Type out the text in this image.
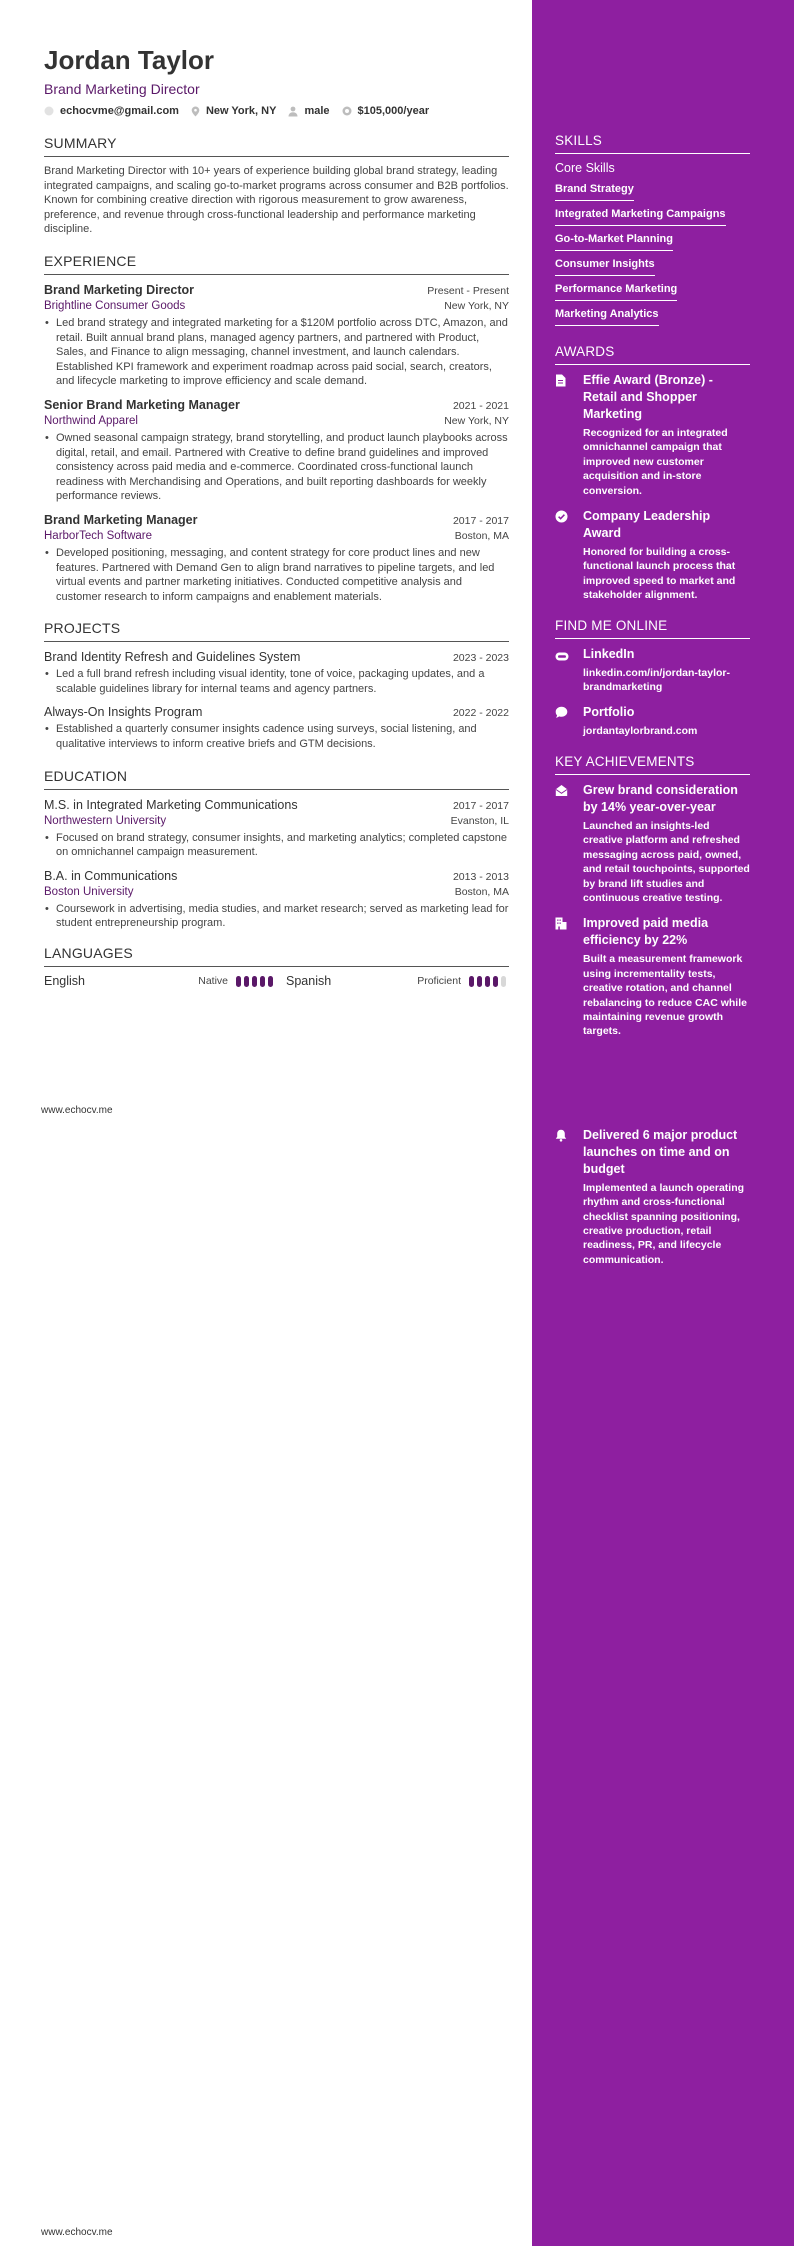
Jordan Taylor
Brand Marketing Director
echocvme@gmail.com New York, NY	male	$105,000/year
SUMMARY
Brand Marketing Director with 10+ years of experience building global brand strategy, leading integrated campaigns, and scaling go-to-market programs across consumer and B2B portfolios. Known for combining creative direction with rigorous measurement to grow awareness, preference, and revenue through cross-functional leadership and performance marketing discipline.
EXPERIENCE
Brand Marketing Director	Present - Present
Brightline Consumer Goods	New York, NY
• Led brand strategy and integrated marketing for a $120M portfolio across DTC, Amazon, and retail. Built annual brand plans, managed agency partners, and partnered with Product, Sales, and Finance to align messaging, channel investment, and launch calendars. Established KPI framework and experiment roadmap across paid social, search, creators, and lifecycle marketing to improve efficiency and scale demand.
Senior Brand Marketing Manager	2021 - 2021
Northwind Apparel	New York, NY
• Owned seasonal campaign strategy, brand storytelling, and product launch playbooks across digital, retail, and email. Partnered with Creative to define brand guidelines and improved consistency across paid media and e-commerce. Coordinated cross-functional launch readiness with Merchandising and Operations, and built reporting dashboards for weekly performance reviews.
Brand Marketing Manager	2017 - 2017
HarborTech Software	Boston, MA
• Developed positioning, messaging, and content strategy for core product lines and new features. Partnered with Demand Gen to align brand narratives to pipeline targets, and led virtual events and partner marketing initiatives. Conducted competitive analysis and customer research to inform campaigns and enablement materials.
PROJECTS
Brand Identity Refresh and Guidelines System	2023 - 2023
• Led a full brand refresh including visual identity, tone of voice, packaging updates, and a scalable guidelines library for internal teams and agency partners.
Always-On Insights Program	2022 - 2022
• Established a quarterly consumer insights cadence using surveys, social listening, and qualitative interviews to inform creative briefs and GTM decisions.
EDUCATION
M.S. in Integrated Marketing Communications	2017 - 2017
Northwestern University	Evanston, IL
• Focused on brand strategy, consumer insights, and marketing analytics; completed capstone on omnichannel campaign measurement.
B.A. in Communications	2013 - 2013
Boston University	Boston, MA
• Coursework in advertising, media studies, and market research; served as marketing lead for student entrepreneurship program.
LANGUAGES
English	Native	Spanish	Proficient
www.echocv.me
www.echocv.me
SKILLS
Core Skills
Brand Strategy
Integrated Marketing Campaigns
Go-to-Market Planning
Consumer Insights
Performance Marketing
Marketing Analytics
AWARDS
Effie Award (Bronze) - Retail and Shopper Marketing
Recognized for an integrated omnichannel campaign that improved new customer acquisition and in-store conversion.
Company Leadership Award
Honored for building a cross-functional launch process that improved speed to market and stakeholder alignment.
FIND ME ONLINE
LinkedIn
linkedin.com/in/jordan-taylor-brandmarketing
Portfolio
jordantaylorbrand.com
KEY ACHIEVEMENTS
Grew brand consideration by 14% year-over-year
Launched an insights-led creative platform and refreshed messaging across paid, owned, and retail touchpoints, supported by brand lift studies and continuous creative testing.
Improved paid media efficiency by 22%
Built a measurement framework using incrementality tests, creative rotation, and channel rebalancing to reduce CAC while maintaining revenue growth targets.
Delivered 6 major product launches on time and on budget
Implemented a launch operating rhythm and cross-functional checklist spanning positioning, creative production, retail readiness, PR, and lifecycle communication.
